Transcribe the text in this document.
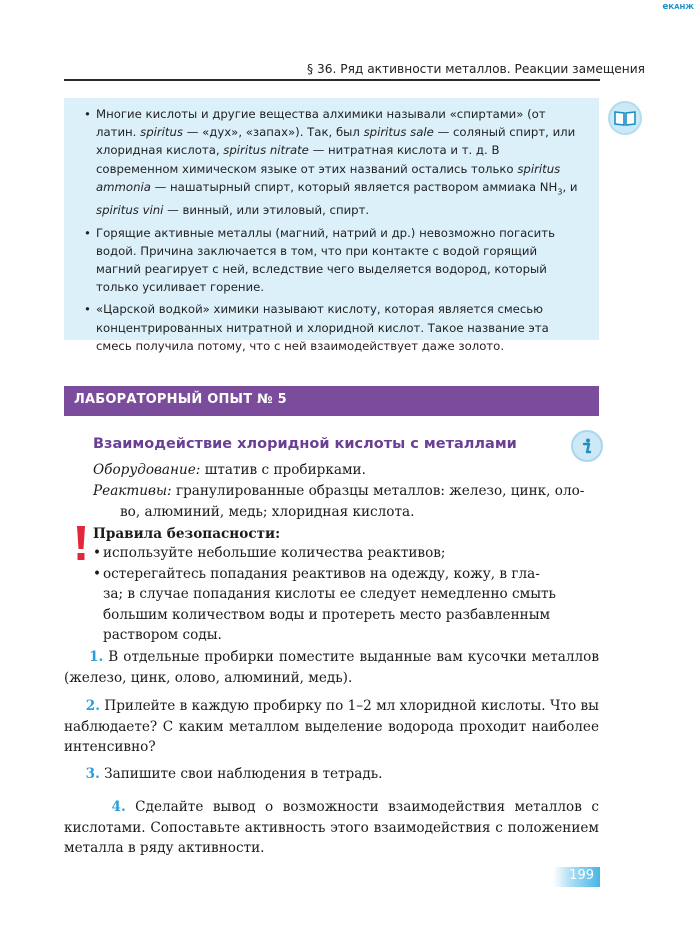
eКАНЖ
§ 36. Ряд активности металлов. Реакции замещения
• Многие кислоты и другие вещества алхимики называли «спиртами» (от латин. spiritus — «дух», «запах»). Так, был spiritus sale — соляный спирт, или хлоридная кислота, spiritus nitrate — нитратная кислота и т. д. В современном химическом языке от этих названий остались только spiritus ammonia — нашатырный спирт, который является раствором аммиака $NH_3$, и spiritus vini — винный, или этиловый, спирт.
• Горящие активные металлы (магний, натрий и др.) невозможно погасить водой. Причина заключается в том, что при контакте с водой горящий магний реагирует с ней, вследствие чего выделяется водород, который только усиливает горение.
• «Царской водкой» химики называют кислоту, которая является смесью концентрированных нитратной и хлоридной кислот. Такое название эта смесь получила потому, что с ней взаимодействует даже золото.
ЛАБОРАТОРНЫЙ ОПЫТ № 5
Взаимодействие хлоридной кислоты с металлами
Оборудование: штатив с пробирками.
Реактивы: гранулированные образцы металлов: железо, цинк, оло-
во, алюминий, медь; хлоридная кислота.
Правила безопасности:
• используйте небольшие количества реактивов;
• остерегайтесь попадания реактивов на одежду, кожу, в гла-
за; в случае попадания кислоты ее следует немедленно смыть большим количеством воды и протереть место разбавленным раствором соды.
1. В отдельные пробирки поместите выданные вам кусочки металлов (железо, цинк, олово, алюминий, медь).
2. Прилейте в каждую пробирку по 1–2 мл хлоридной кислоты. Что вы наблюдаете? С каким металлом выделение водорода проходит наиболее интенсивно?
3. Запишите свои наблюдения в тетрадь.
4. Сделайте вывод о возможности взаимодействия металлов с кислотами. Сопоставьте активность этого взаимодействия с положением металла в ряду активности.
199
